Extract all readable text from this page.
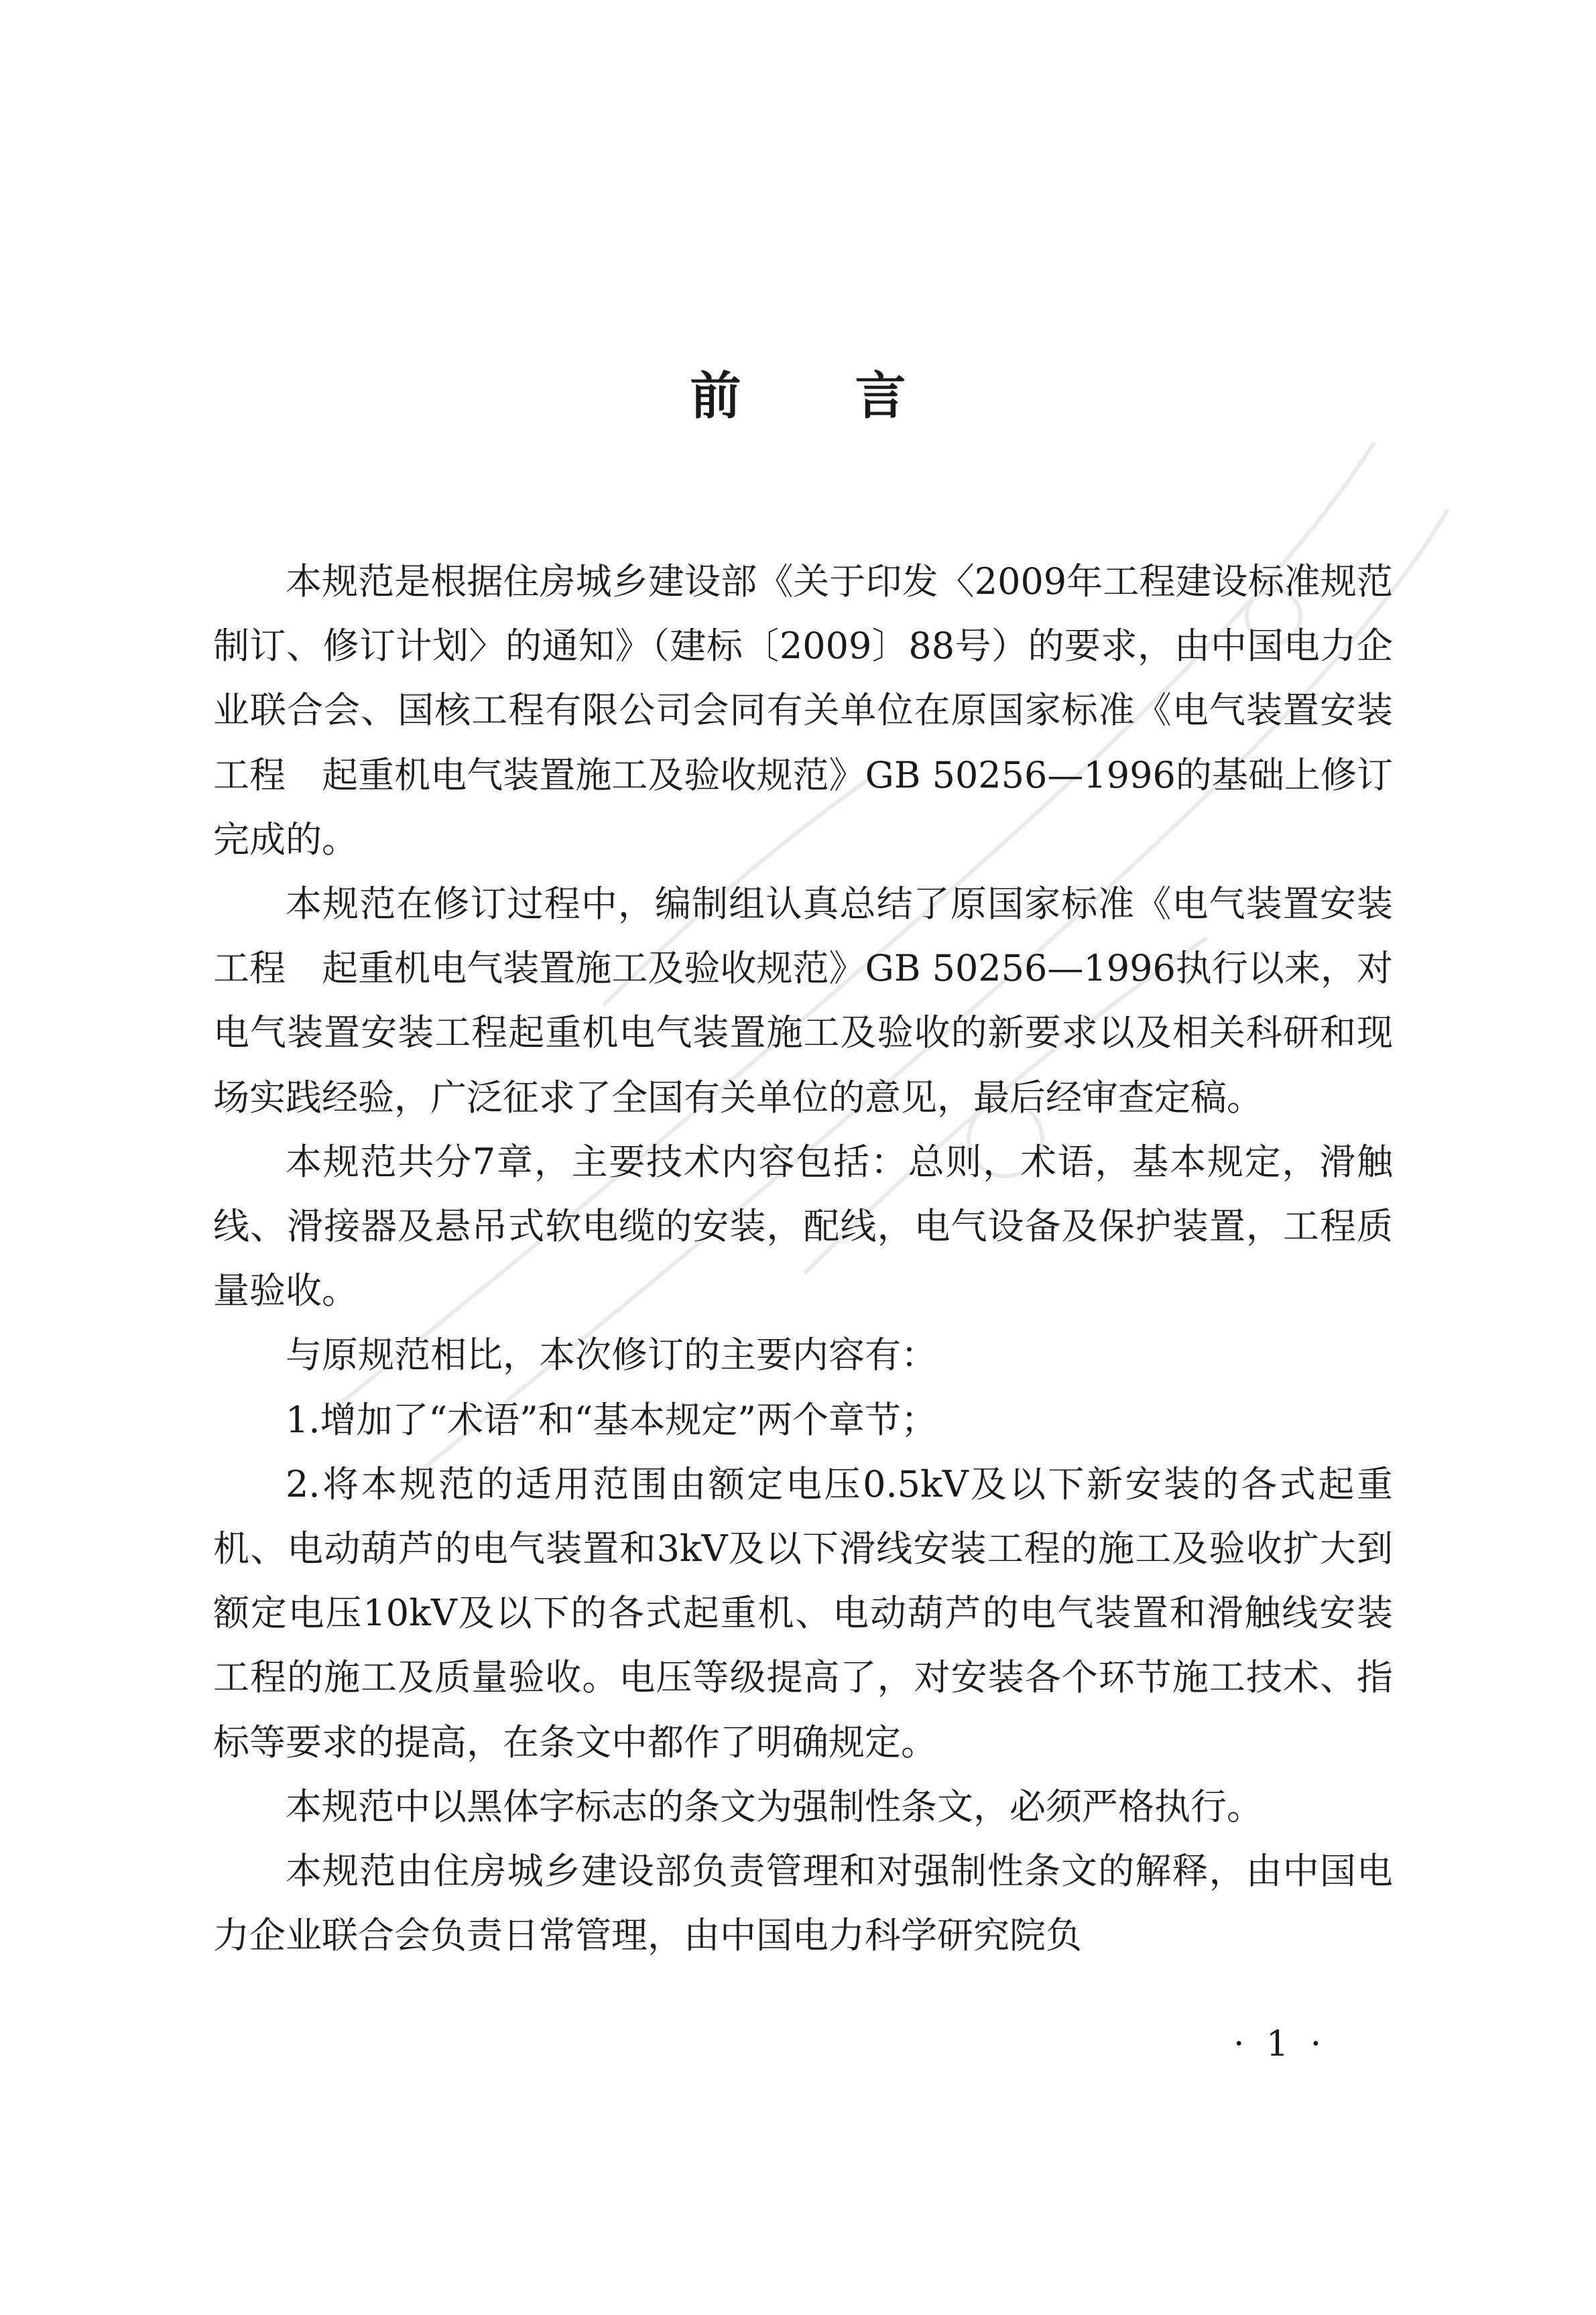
前 言

本规范是根据住房城乡建设部《关于印发〈2009年工程建设标准规范制订、修订计划〉的通知》（建标〔2009〕88号）的要求，由中国电力企业联合会、国核工程有限公司会同有关单位在原国家标准《电气装置安装工程　起重机电气装置施工及验收规范》GB 50256—1996的基础上修订完成的。

本规范在修订过程中，编制组认真总结了原国家标准《电气装置安装工程　起重机电气装置施工及验收规范》GB 50256—1996执行以来，对电气装置安装工程起重机电气装置施工及验收的新要求以及相关科研和现场实践经验，广泛征求了全国有关单位的意见，最后经审查定稿。

本规范共分7章，主要技术内容包括：总则，术语，基本规定，滑触线、滑接器及悬吊式软电缆的安装，配线，电气设备及保护装置，工程质量验收。

与原规范相比，本次修订的主要内容有：

1.增加了“术语”和“基本规定”两个章节；

2.将本规范的适用范围由额定电压0.5kV及以下新安装的各式起重机、电动葫芦的电气装置和3kV及以下滑线安装工程的施工及验收扩大到额定电压10kV及以下的各式起重机、电动葫芦的电气装置和滑触线安装工程的施工及质量验收。电压等级提高了，对安装各个环节施工技术、指标等要求的提高，在条文中都作了明确规定。

本规范中以黑体字标志的条文为强制性条文，必须严格执行。

本规范由住房城乡建设部负责管理和对强制性条文的解释，由中国电力企业联合会负责日常管理，由中国电力科学研究院负

· 1 ·
